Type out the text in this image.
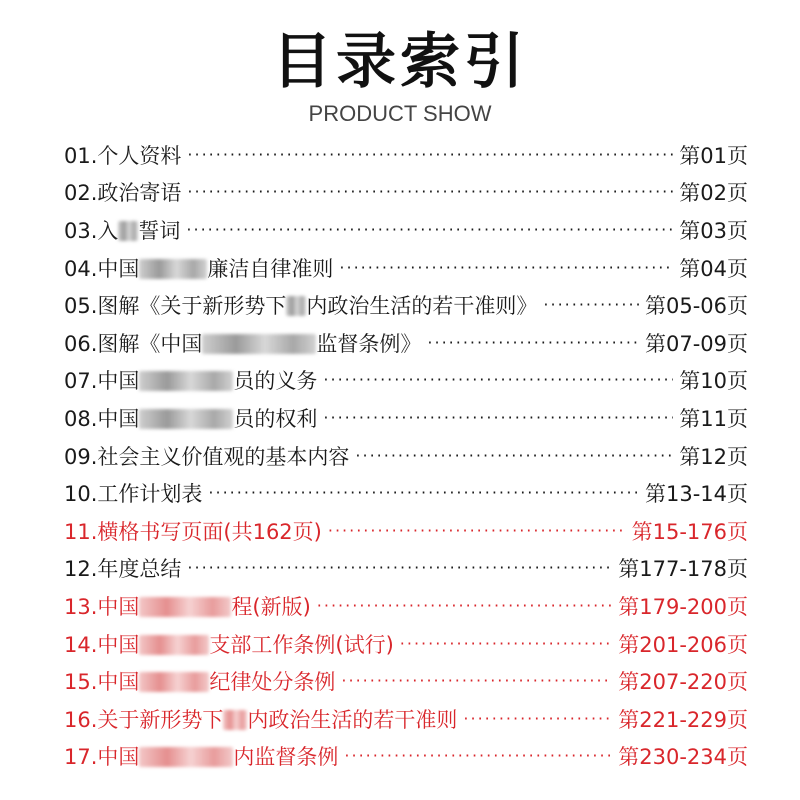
目录索引
PRODUCT SHOW
01.个人资料 ·····	第01页
02.政治寄语 ·····	第02页
03.入 誓词 ·····	第03页
04.中国	廉洁自律准则 ·····	第04页
05.图解《关于新形势下 内政治生活的若干准则》 ·····	第05-06页
06.图解《中国	监督条例》 ·····	第07-09页
07.中国	员的义务 ·····	第10页
08.中国	员的权利 ·····	第11页
09.社会主义价值观的基本内容 ·····	第12页
10.工作计划表 ·····	第13-14页
11.横格书写页面(共162页) ·····	第15-176页
12.年度总结 ·····	第177-178页
13.中国	程(新版) ·····	第179-200页
14.中国	支部工作条例(试行) ·····	第201-206页
15.中国	纪律处分条例 ·····	第207-220页
16.关于新形势下 内政治生活的若干准则 ·····	第221-229页
17.中国	内监督条例 ·····	第230-234页
